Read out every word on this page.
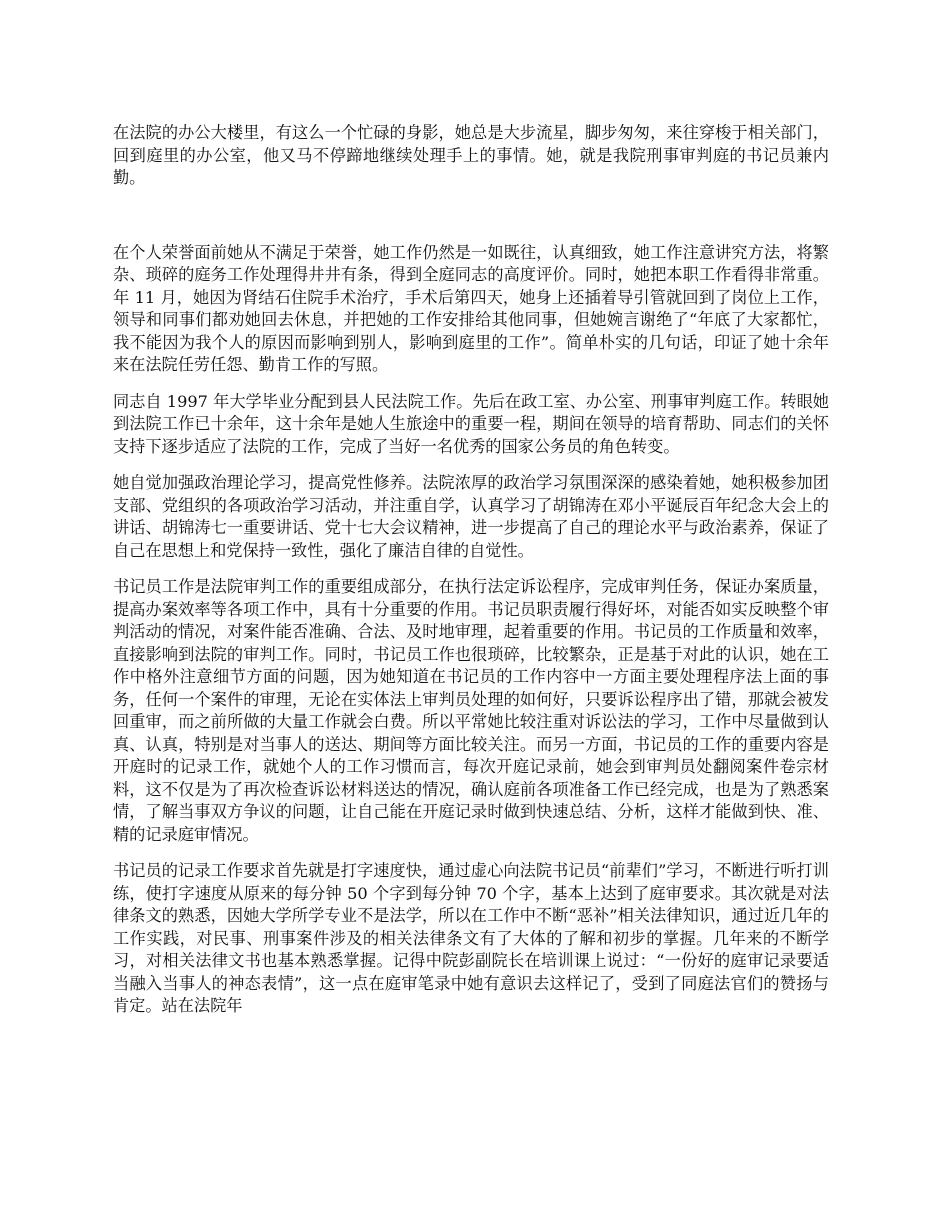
在法院的办公大楼里，有这么一个忙碌的身影，她总是大步流星，脚步匆匆，来往穿梭于相关部门，回到庭里的办公室，他又马不停蹄地继续处理手上的事情。她，就是我院刑事审判庭的书记员兼内勤。

在个人荣誉面前她从不满足于荣誉，她工作仍然是一如既往，认真细致，她工作注意讲究方法，将繁杂、琐碎的庭务工作处理得井井有条，得到全庭同志的高度评价。同时，她把本职工作看得非常重。年 11 月，她因为肾结石住院手术治疗，手术后第四天，她身上还插着导引管就回到了岗位上工作，领导和同事们都劝她回去休息，并把她的工作安排给其他同事，但她婉言谢绝了“年底了大家都忙，我不能因为我个人的原因而影响到别人，影响到庭里的工作”。简单朴实的几句话，印证了她十余年来在法院任劳任怨、勤肯工作的写照。

同志自 1997 年大学毕业分配到县人民法院工作。先后在政工室、办公室、刑事审判庭工作。转眼她到法院工作已十余年，这十余年是她人生旅途中的重要一程，期间在领导的培育帮助、同志们的关怀支持下逐步适应了法院的工作，完成了当好一名优秀的国家公务员的角色转变。

她自觉加强政治理论学习，提高党性修养。法院浓厚的政治学习氛围深深的感染着她，她积极参加团支部、党组织的各项政治学习活动，并注重自学，认真学习了胡锦涛在邓小平诞辰百年纪念大会上的讲话、胡锦涛七一重要讲话、党十七大会议精神，进一步提高了自己的理论水平与政治素养，保证了自己在思想上和党保持一致性，强化了廉洁自律的自觉性。

书记员工作是法院审判工作的重要组成部分，在执行法定诉讼程序，完成审判任务，保证办案质量，提高办案效率等各项工作中，具有十分重要的作用。书记员职责履行得好坏，对能否如实反映整个审判活动的情况，对案件能否准确、合法、及时地审理，起着重要的作用。书记员的工作质量和效率，直接影响到法院的审判工作。同时，书记员工作也很琐碎，比较繁杂，正是基于对此的认识，她在工作中格外注意细节方面的问题，因为她知道在书记员的工作内容中一方面主要处理程序法上面的事务，任何一个案件的审理，无论在实体法上审判员处理的如何好，只要诉讼程序出了错，那就会被发回重审，而之前所做的大量工作就会白费。所以平常她比较注重对诉讼法的学习，工作中尽量做到认真、认真，特别是对当事人的送达、期间等方面比较关注。而另一方面，书记员的工作的重要内容是开庭时的记录工作，就她个人的工作习惯而言，每次开庭记录前，她会到审判员处翻阅案件卷宗材料，这不仅是为了再次检查诉讼材料送达的情况，确认庭前各项准备工作已经完成，也是为了熟悉案情，了解当事双方争议的问题，让自己能在开庭记录时做到快速总结、分析，这样才能做到快、准、精的记录庭审情况。

书记员的记录工作要求首先就是打字速度快，通过虚心向法院书记员“前辈们”学习，不断进行听打训练，使打字速度从原来的每分钟 50 个字到每分钟 70 个字，基本上达到了庭审要求。其次就是对法律条文的熟悉，因她大学所学专业不是法学，所以在工作中不断“恶补”相关法律知识，通过近几年的工作实践，对民事、刑事案件涉及的相关法律条文有了大体的了解和初步的掌握。几年来的不断学习，对相关法律文书也基本熟悉掌握。记得中院彭副院长在培训课上说过：“一份好的庭审记录要适当融入当事人的神态表情”，这一点在庭审笔录中她有意识去这样记了，受到了同庭法官们的赞扬与肯定。站在法院年
